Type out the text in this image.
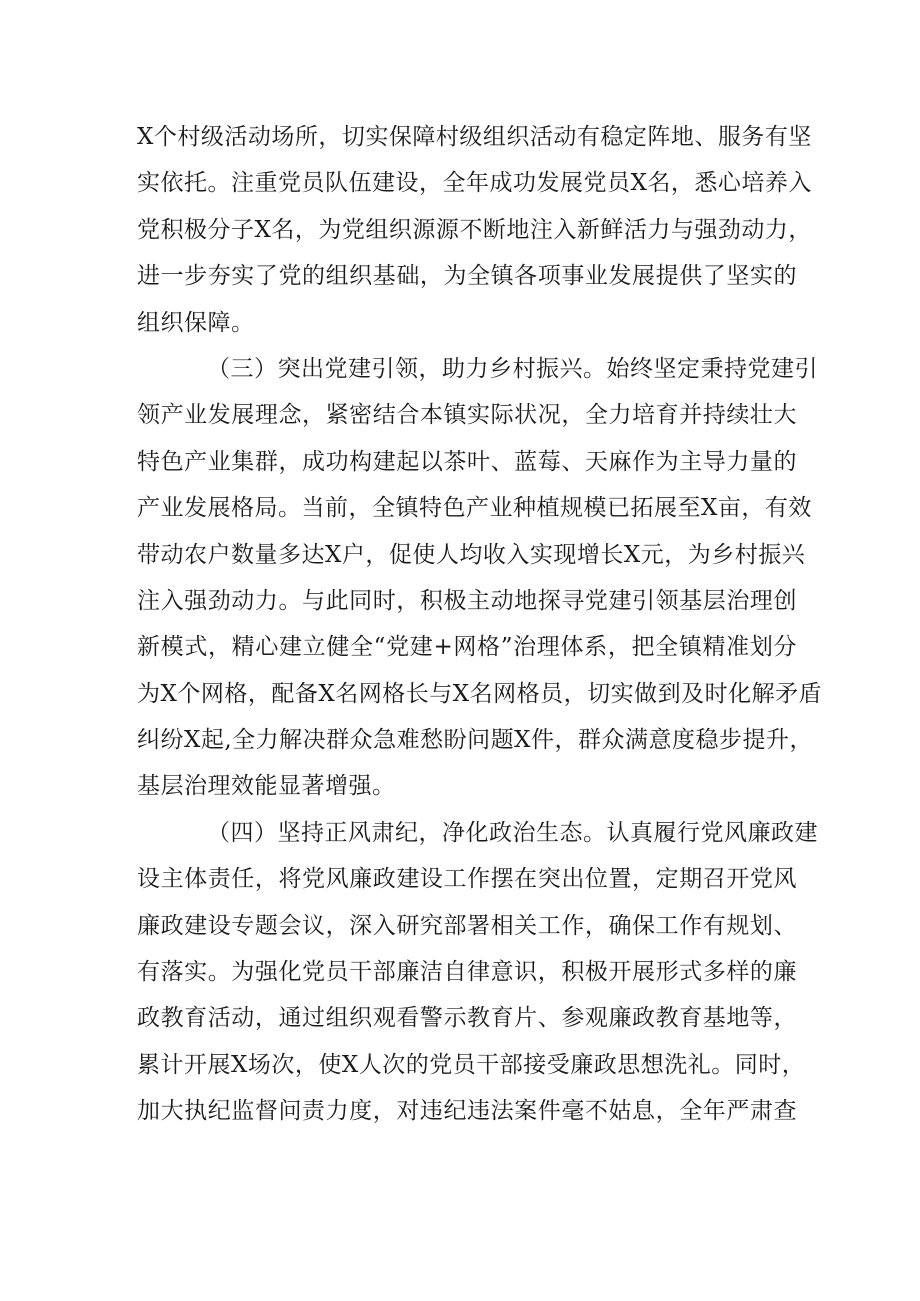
X个村级活动场所，切实保障村级组织活动有稳定阵地、服务有坚
实依托。注重党员队伍建设，全年成功发展党员X名，悉心培养入
党积极分子X名，为党组织源源不断地注入新鲜活力与强劲动力，
进一步夯实了党的组织基础，为全镇各项事业发展提供了坚实的
组织保障。
（三）突出党建引领，助力乡村振兴。始终坚定秉持党建引
领产业发展理念，紧密结合本镇实际状况，全力培育并持续壮大
特色产业集群，成功构建起以茶叶、蓝莓、天麻作为主导力量的
产业发展格局。当前，全镇特色产业种植规模已拓展至X亩，有效
带动农户数量多达X户，促使人均收入实现增长X元，为乡村振兴
注入强劲动力。与此同时，积极主动地探寻党建引领基层治理创
新模式，精心建立健全“党建+网格”治理体系，把全镇精准划分
为X个网格，配备X名网格长与X名网格员，切实做到及时化解矛盾
纠纷X起,全力解决群众急难愁盼问题X件，群众满意度稳步提升，
基层治理效能显著增强。
（四）坚持正风肃纪，净化政治生态。认真履行党风廉政建
设主体责任，将党风廉政建设工作摆在突出位置，定期召开党风
廉政建设专题会议，深入研究部署相关工作，确保工作有规划、
有落实。为强化党员干部廉洁自律意识，积极开展形式多样的廉
政教育活动，通过组织观看警示教育片、参观廉政教育基地等，
累计开展X场次，使X人次的党员干部接受廉政思想洗礼。同时，
加大执纪监督问责力度，对违纪违法案件毫不姑息，全年严肃查
